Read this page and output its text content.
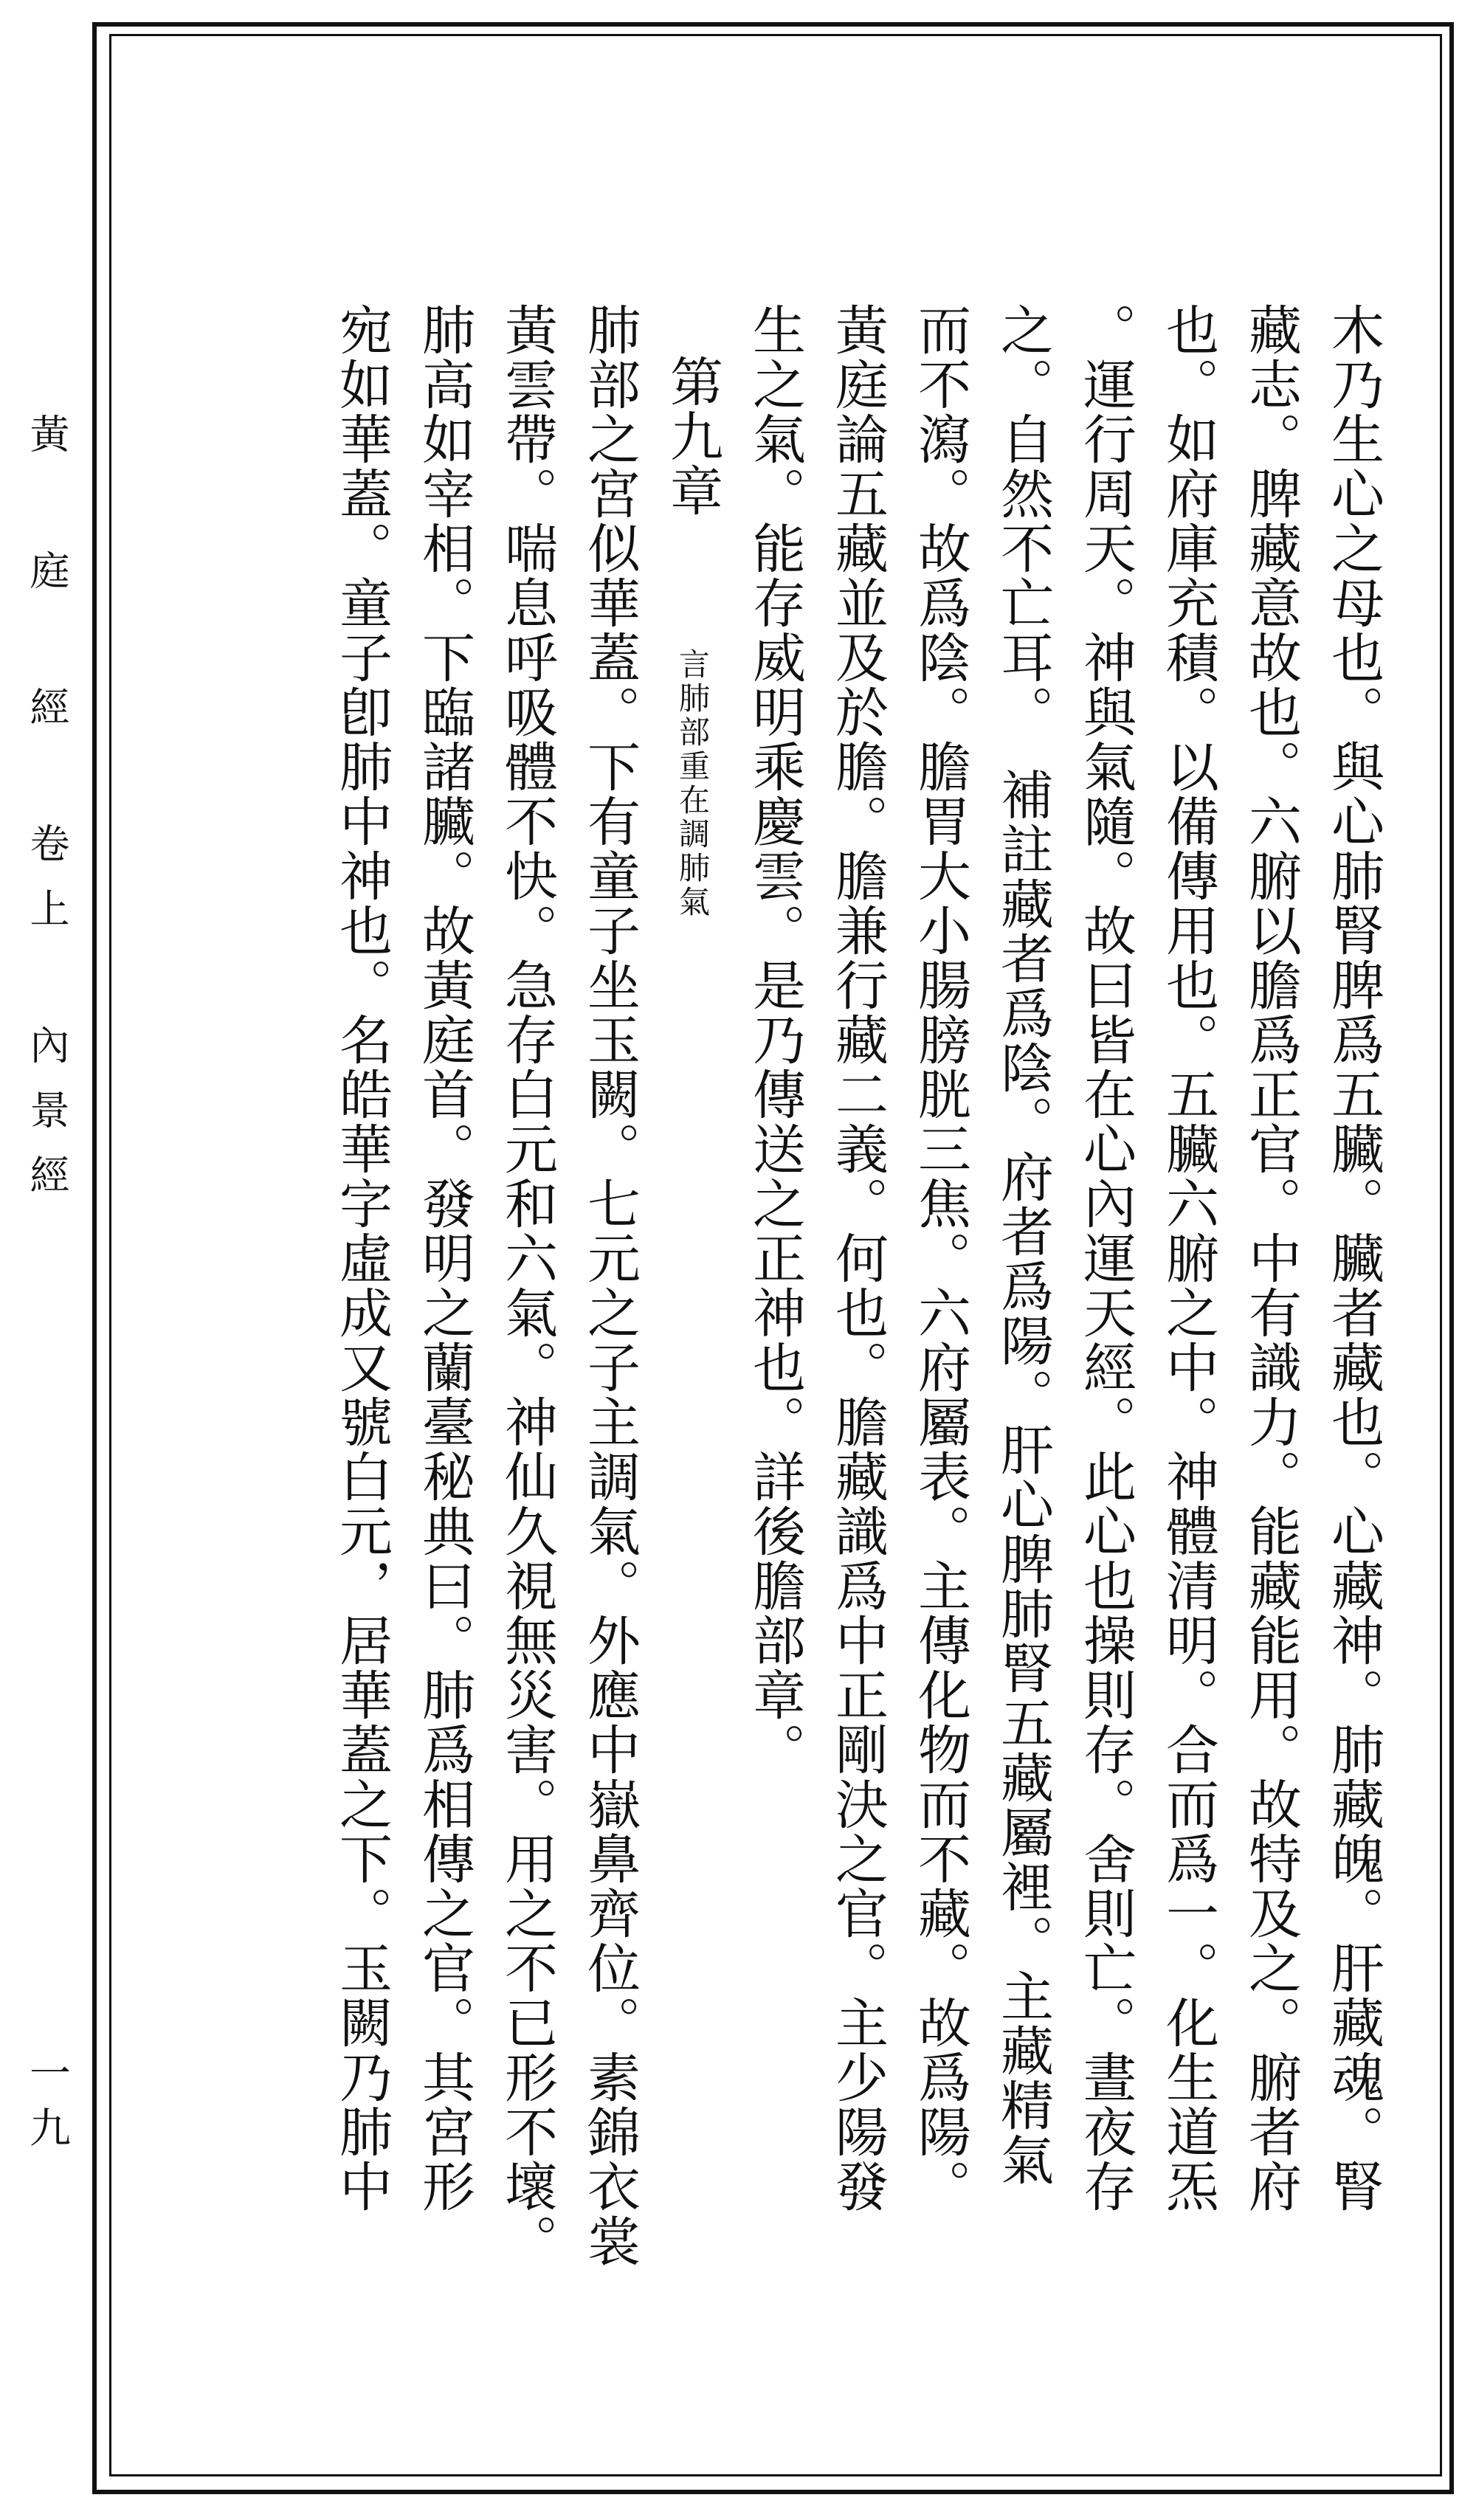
黃 庭 經 卷上 內景經
一九	木乃生心之母也。與心肺腎脾爲五臟。臟者藏也。心藏神。肺藏魄。肝藏魂。腎
藏志。脾藏意故也。六腑以膽爲正官。中有識力。能藏能用。故特及之。腑者府
也。如府庫充積。以備傳用也。五臟六腑之中。神體清明。合而爲一。化生道炁
。運行周天。神與氣隨。故曰皆在心內運天經。此心也操則存。舍則亡。晝夜存
之。自然不亡耳。　補註藏者爲陰。府者爲陽。肝心脾肺腎五藏屬裡。主藏精氣
而不瀉。故爲陰。膽胃大小腸膀胱三焦。六府屬表。主傳化物而不藏。故爲陽。
黃庭論五藏並及於膽。膽兼行藏二義。何也。膽藏識爲中正剛決之官。主少陽發
生之氣。能存威明乘慶雲。是乃傳送之正神也。詳後膽部章。
第九章 言肺部重在調肺氣
肺部之宮似華蓋。下有童子坐玉闕。七元之子主調氣。外應中嶽鼻齊位。素錦衣裳
黃雲帶。喘息呼吸體不快。急存白元和六氣。神仙久視無災害。用之不已形不壞。
肺高如宰相。下臨諸臟。故黃庭首。發明之蘭臺秘典曰。肺爲相傳之官。其宮形
宛如華蓋。童子卽肺中神也。名皓華字虛成又號白元，居華蓋之下。玉闕乃肺中
